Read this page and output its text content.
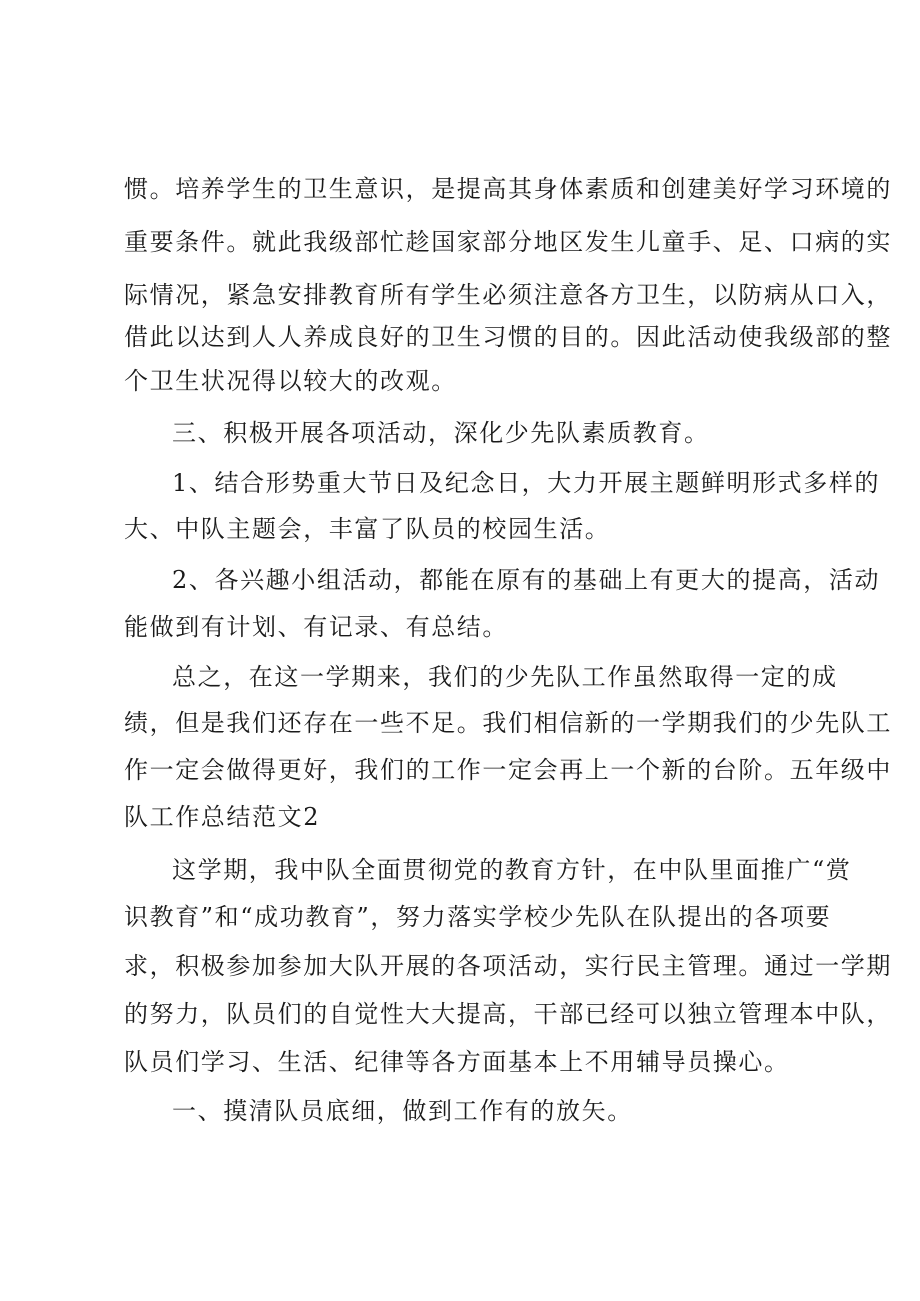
惯。培养学生的卫生意识，是提高其身体素质和创建美好学习环境的
重要条件。就此我级部忙趁国家部分地区发生儿童手、足、口病的实
际情况，紧急安排教育所有学生必须注意各方卫生，以防病从口入，
借此以达到人人养成良好的卫生习惯的目的。因此活动使我级部的整
个卫生状况得以较大的改观。
三、积极开展各项活动，深化少先队素质教育。
1、结合形势重大节日及纪念日，大力开展主题鲜明形式多样的
大、中队主题会，丰富了队员的校园生活。
2、各兴趣小组活动，都能在原有的基础上有更大的提高，活动
能做到有计划、有记录、有总结。
总之，在这一学期来，我们的少先队工作虽然取得一定的成
绩，但是我们还存在一些不足。我们相信新的一学期我们的少先队工
作一定会做得更好，我们的工作一定会再上一个新的台阶。五年级中
队工作总结范文2
这学期，我中队全面贯彻党的教育方针，在中队里面推广“赏
识教育”和“成功教育”，努力落实学校少先队在队提出的各项要
求，积极参加参加大队开展的各项活动，实行民主管理。通过一学期
的努力，队员们的自觉性大大提高，干部已经可以独立管理本中队，
队员们学习、生活、纪律等各方面基本上不用辅导员操心。
一、摸清队员底细，做到工作有的放矢。
